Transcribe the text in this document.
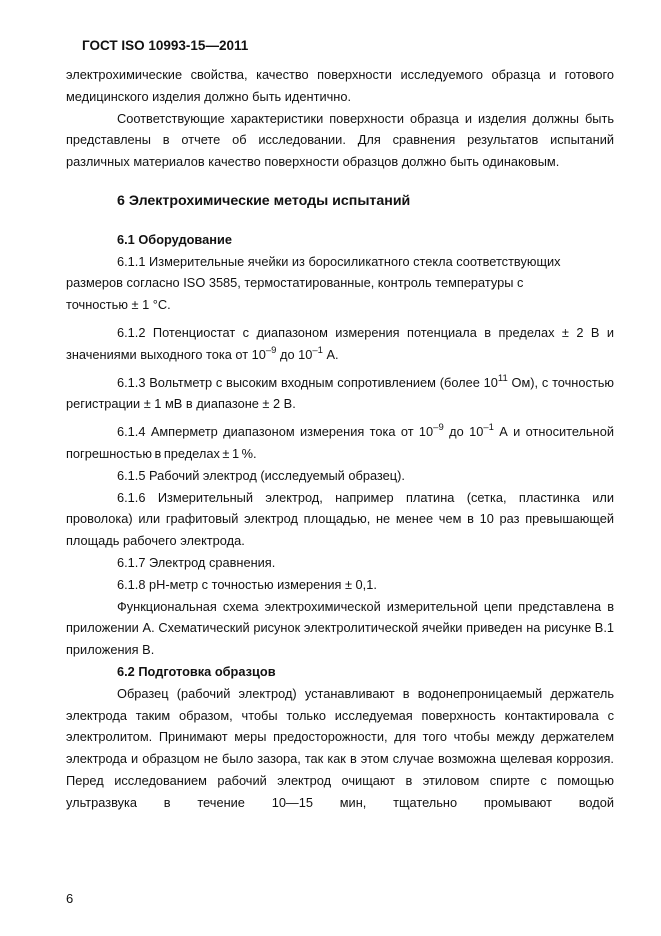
ГОСТ ISO 10993-15—2011

электрохимические свойства, качество поверхности исследуемого образца и готового медицинского изделия должно быть идентично.

Соответствующие характеристики поверхности образца и изделия должны быть представлены в отчете об исследовании. Для сравнения результатов испытаний различных материалов качество поверхности образцов должно быть одинаковым.

6 Электрохимические методы испытаний
6.1 Оборудование

6.1.1 Измерительные ячейки из боросиликатного стекла соответствующих
размеров согласно ISO 3585, термостатированные, контроль температуры с
точностью ± 1 °С.

6.1.2 Потенциостат с диапазоном измерения потенциала в пределах ± 2 В и значениями выходного тока от $10^{-9}$ до $10^{-1}$ А.

6.1.3 Вольтметр с высоким входным сопротивлением (более $10^{11}$ Ом), с точностью регистрации ± 1 мВ в диапазоне ± 2 В.

6.1.4 Амперметр диапазоном измерения тока от $10^{-9}$ до $10^{-1}$ А и относительной погрешностью в пределах ± 1 %.

6.1.5 Рабочий электрод (исследуемый образец).

6.1.6 Измерительный электрод, например платина (сетка, пластинка или проволока) или графитовый электрод площадью, не менее чем в 10 раз превышающей площадь рабочего электрода.

6.1.7 Электрод сравнения.

6.1.8 pH-метр с точностью измерения ± 0,1.

Функциональная схема электрохимической измерительной цепи представлена в приложении А. Схематический рисунок электролитической ячейки приведен на рисунке В.1 приложения В.

6.2 Подготовка образцов

Образец (рабочий электрод) устанавливают в водонепроницаемый держатель электрода таким образом, чтобы только исследуемая поверхность контактировала с электролитом. Принимают меры предосторожности, для того чтобы между держателем электрода и образцом не было зазора, так как в этом случае возможна щелевая коррозия. Перед исследованием рабочий электрод очищают в этиловом спирте с помощью ультразвука в течение 10—15 мин, тщательно промывают водой

6
